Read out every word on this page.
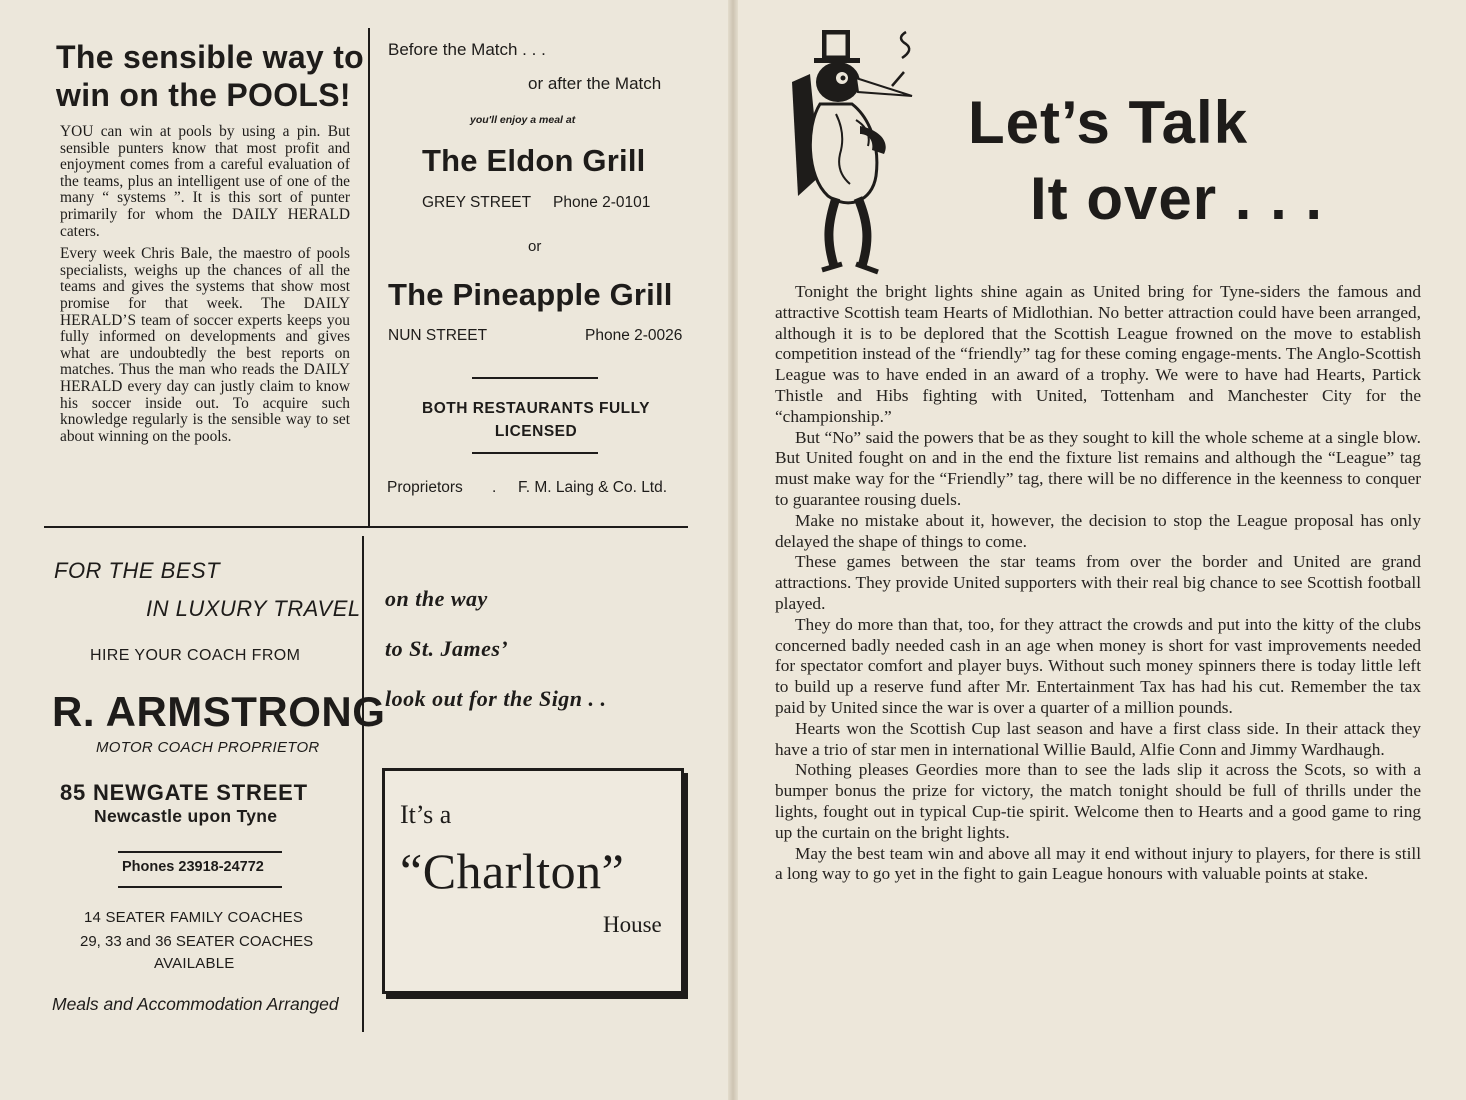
The sensible way to win on the POOLS!

YOU can win at pools by using a pin. But sensible punters know that most profit and enjoyment comes from a careful evaluation of the teams, plus an intelligent use of one of the many “ systems ”. It is this sort of punter primarily for whom the DAILY HERALD caters.

Every week Chris Bale, the maestro of pools specialists, weighs up the chances of all the teams and gives the systems that show most promise for that week. The DAILY HERALD’S team of soccer experts keeps you fully informed on developments and gives what are undoubtedly the best reports on matches. Thus the man who reads the DAILY HERALD every day can justly claim to know his soccer inside out. To acquire such knowledge regularly is the sensible way to set about winning on the pools.

Before the Match . . .
or after the Match
you'll enjoy a meal at
The Eldon Grill
GREY STREET Phone 2-0101
or
The Pineapple Grill
NUN STREET	Phone 2-0026
BOTH RESTAURANTS FULLY LICENSED
Proprietors . F. M. Laing & Co. Ltd.
FOR THE BEST
IN LUXURY TRAVEL
HIRE YOUR COACH FROM
R. ARMSTRONG
MOTOR COACH PROPRIETOR
85 NEWGATE STREET
Newcastle upon Tyne
Phones 23918-24772
14 SEATER FAMILY COACHES
29, 33 and 36 SEATER COACHES
AVAILABLE
Meals and Accommodation Arranged
on the way
to St. James’
look out for the Sign . .
It’s a
“Charlton”
House
Let’s Talk
It over . . .

Tonight the bright lights shine again as United bring for Tyne-siders the famous and attractive Scottish team Hearts of Midlothian. No better attraction could have been arranged, although it is to be deplored that the Scottish League frowned on the move to establish competition instead of the “friendly” tag for these coming engage-ments. The Anglo-Scottish League was to have ended in an award of a trophy. We were to have had Hearts, Partick Thistle and Hibs fighting with United, Tottenham and Manchester City for the “championship.”

But “No” said the powers that be as they sought to kill the whole scheme at a single blow. But United fought on and in the end the fixture list remains and although the “League” tag must make way for the “Friendly” tag, there will be no difference in the keenness to conquer to guarantee rousing duels.

Make no mistake about it, however, the decision to stop the League proposal has only delayed the shape of things to come.

These games between the star teams from over the border and United are grand attractions. They provide United supporters with their real big chance to see Scottish football played.

They do more than that, too, for they attract the crowds and put into the kitty of the clubs concerned badly needed cash in an age when money is short for vast improvements needed for spectator comfort and player buys. Without such money spinners there is today little left to build up a reserve fund after Mr. Entertainment Tax has had his cut. Remember the tax paid by United since the war is over a quarter of a million pounds.

Hearts won the Scottish Cup last season and have a first class side. In their attack they have a trio of star men in international Willie Bauld, Alfie Conn and Jimmy Wardhaugh.

Nothing pleases Geordies more than to see the lads slip it across the Scots, so with a bumper bonus the prize for victory, the match tonight should be full of thrills under the lights, fought out in typical Cup-tie spirit. Welcome then to Hearts and a good game to ring up the curtain on the bright lights.

May the best team win and above all may it end without injury to players, for there is still a long way to go yet in the fight to gain League honours with valuable points at stake.
